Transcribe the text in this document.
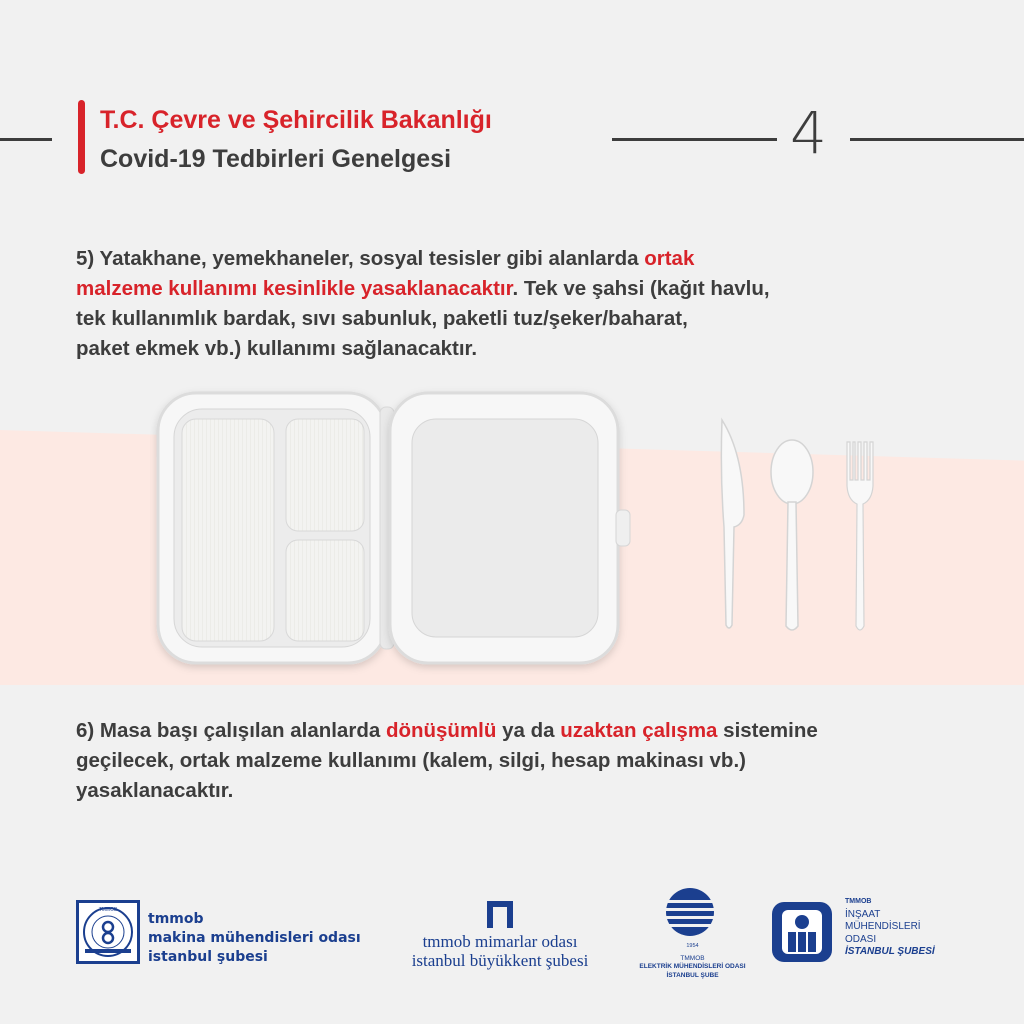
T.C. Çevre ve Şehircilik Bakanlığı
Covid-19 Tedbirleri Genelgesi	4
5) Yatakhane, yemekhaneler, sosyal tesisler gibi alanlarda ortak
malzeme kullanımı kesinlikle yasaklanacaktır. Tek ve şahsi (kağıt havlu,
tek kullanımlık bardak, sıvı sabunluk, paketli tuz/şeker/baharat,
paket ekmek vb.) kullanımı sağlanacaktır.
6) Masa başı çalışılan alanlarda dönüşümlü ya da uzaktan çalışma sistemine
geçilecek, ortak malzeme kullanımı (kalem, silgi, hesap makinası vb.)
yasaklanacaktır.
TMMOB
tmmob
makina mühendisleri odası
istanbul şubesi
tmmob mimarlar odası
istanbul büyükkent şubesi
1954
TMMOB
ELEKTRİK MÜHENDİSLERİ ODASI
İSTANBUL ŞUBE
TMMOB
İNŞAAT
MÜHENDİSLERİ
ODASI
İSTANBUL ŞUBESİ
